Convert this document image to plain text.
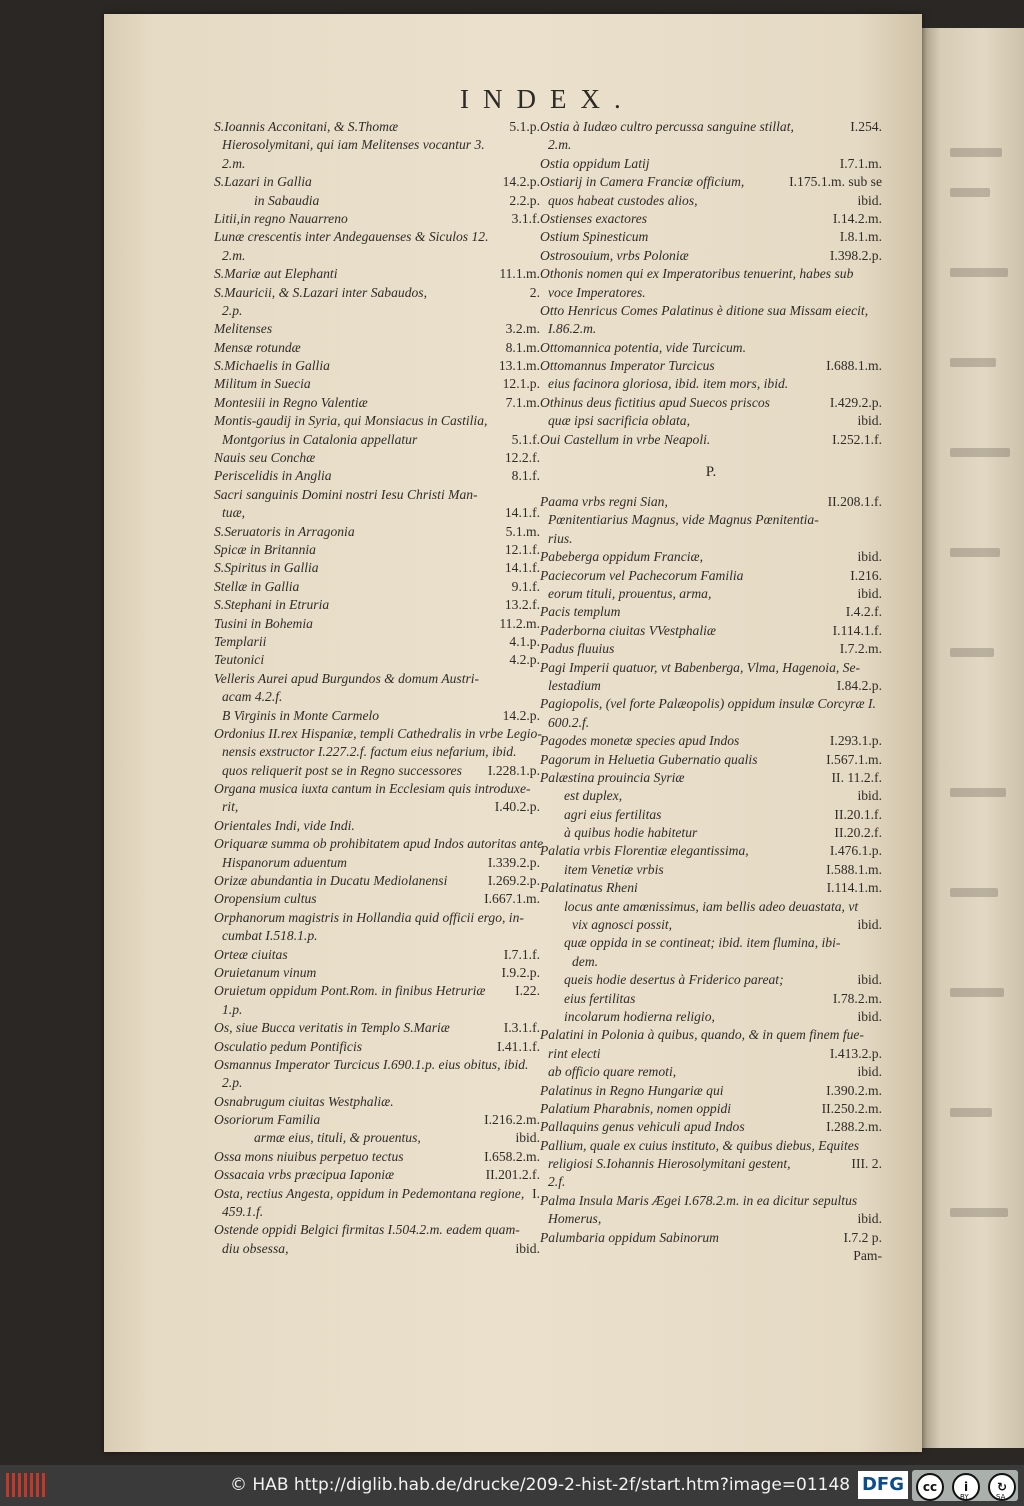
INDEX.
S.Ioannis Acconitani, & S.Thomæ	5.1.p.
Hierosolymitani, qui iam Melitenses vocantur 3.
2.m.
S.Lazari in Gallia	14.2.p.
in Sabaudia	2.2.p.
Litii,in regno Nauarreno	3.1.f.
Lunæ crescentis inter Andegauenses & Siculos 12.
2.m.
S.Mariæ aut Elephanti	11.1.m.
S.Mauricii, & S.Lazari inter Sabaudos,	2.
2.p.
Melitenses	3.2.m.
Mensæ rotundæ	8.1.m.
S.Michaelis in Gallia	13.1.m.
Militum in Suecia	12.1.p.
Montesiii in Regno Valentiæ	7.1.m.
Montis-gaudij in Syria, qui Monsiacus in Castilia,
Montgorius in Catalonia appellatur	5.1.f.
Nauis seu Conchæ	12.2.f.
Periscelidis in Anglia	8.1.f.
Sacri sanguinis Domini nostri Iesu Christi Man-
tuæ,	14.1.f.
S.Seruatoris in Arragonia	5.1.m.
Spicæ in Britannia	12.1.f.
S.Spiritus in Gallia	14.1.f.
Stellæ in Gallia	9.1.f.
S.Stephani in Etruria	13.2.f.
Tusini in Bohemia	11.2.m.
Templarii	4.1.p.
Teutonici	4.2.p.
Velleris Aurei apud Burgundos & domum Austri-
acam 4.2.f.
B Virginis in Monte Carmelo	14.2.p.
Ordonius II.rex Hispaniæ, templi Cathedralis in vrbe Legio-
nensis exstructor I.227.2.f. factum eius nefarium, ibid.
quos reliquerit post se in Regno successores I.228.1.p.
Organa musica iuxta cantum in Ecclesiam quis introduxe-
rit,	I.40.2.p.
Orientales Indi, vide Indi.
Oriquaræ summa ob prohibitatem apud Indos autoritas ante
Hispanorum aduentum	I.339.2.p.
Orizæ abundantia in Ducatu Mediolanensi	I.269.2.p.
Oropensium cultus	I.667.1.m.
Orphanorum magistris in Hollandia quid officii ergo, in-
cumbat I.518.1.p.
Orteæ ciuitas	I.7.1.f.
Oruietanum vinum	I.9.2.p.
Oruietum oppidum Pont.Rom. in finibus Hetruriæ I.22.
1.p.
Os, siue Bucca veritatis in Templo S.Mariæ	I.3.1.f.
Osculatio pedum Pontificis	I.41.1.f.
Osmannus Imperator Turcicus I.690.1.p. eius obitus, ibid.
2.p.
Osnabrugum ciuitas Westphaliæ.
Osoriorum Familia	I.216.2.m.
armæ eius, tituli, & prouentus,	ibid.
Ossa mons niuibus perpetuo tectus	I.658.2.m.
Ossacaia vrbs præcipua Iaponiæ	II.201.2.f.
Osta, rectius Angesta, oppidum in Pedemontana regione, I.
459.1.f.
Ostende oppidi Belgici firmitas I.504.2.m. eadem quam-
diu obsessa,	ibid.
Ostia à Iudæo cultro percussa sanguine stillat,	I.254.
2.m.
Ostia oppidum Latij	I.7.1.m.
Ostiarij in Camera Franciæ officium,	I.175.1.m. sub se
quos habeat custodes alios,	ibid.
Ostienses exactores	I.14.2.m.
Ostium Spinesticum	I.8.1.m.
Ostrosouium, vrbs Poloniæ	I.398.2.p.
Othonis nomen qui ex Imperatoribus tenuerint, habes sub
voce Imperatores.
Otto Henricus Comes Palatinus è ditione sua Missam eiecit,
I.86.2.m.
Ottomannica potentia, vide Turcicum.
Ottomannus Imperator Turcicus	I.688.1.m.
eius facinora gloriosa, ibid. item mors, ibid.
Othinus deus fictitius apud Suecos priscos	I.429.2.p.
quæ ipsi sacrificia oblata,	ibid.
Oui Castellum in vrbe Neapoli.	I.252.1.f.
P.
Paama vrbs regni Sian,	II.208.1.f.
Pœnitentiarius Magnus, vide Magnus Pœnitentia-
rius.
Pabeberga oppidum Franciæ,	ibid.
Paciecorum vel Pachecorum Familia	I.216.
eorum tituli, prouentus, arma,	ibid.
Pacis templum	I.4.2.f.
Paderborna ciuitas VVestphaliæ	I.114.1.f.
Padus fluuius	I.7.2.m.
Pagi Imperii quatuor, vt Babenberga, Vlma, Hagenoia, Se-
lestadium	I.84.2.p.
Pagiopolis, (vel forte Palæopolis) oppidum insulæ Corcyræ I.
600.2.f.
Pagodes monetæ species apud Indos	I.293.1.p.
Pagorum in Heluetia Gubernatio qualis	I.567.1.m.
Palæstina prouincia Syriæ	II. 11.2.f.
est duplex,	ibid.
agri eius fertilitas	II.20.1.f.
à quibus hodie habitetur	II.20.2.f.
Palatia vrbis Florentiæ elegantissima,	I.476.1.p.
item Venetiæ vrbis	I.588.1.m.
Palatinatus Rheni	I.114.1.m.
locus ante amœnissimus, iam bellis adeo deuastata, vt
vix agnosci possit,	ibid.
quæ oppida in se contineat; ibid. item flumina, ibi-
dem.
queis hodie desertus à Friderico pareat;	ibid.
eius fertilitas	I.78.2.m.
incolarum hodierna religio,	ibid.
Palatini in Polonia à quibus, quando, & in quem finem fue-
rint electi	I.413.2.p.
ab officio quare remoti,	ibid.
Palatinus in Regno Hungariæ qui	I.390.2.m.
Palatium Pharabnis, nomen oppidi	II.250.2.m.
Pallaquins genus vehiculi apud Indos	I.288.2.m.
Pallium, quale ex cuius instituto, & quibus diebus, Equites
religiosi S.Iohannis Hierosolymitani gestent,	III. 2.
2.f.
Palma Insula Maris Ægei I.678.2.m. in ea dicitur sepultus
Homerus,	ibid.
Palumbaria oppidum Sabinorum	I.7.2 p.
Pam-
© HAB http://diglib.hab.de/drucke/209-2-hist-2f/start.htm?image=01148 DFG	cc	i	↻
BY	SA
